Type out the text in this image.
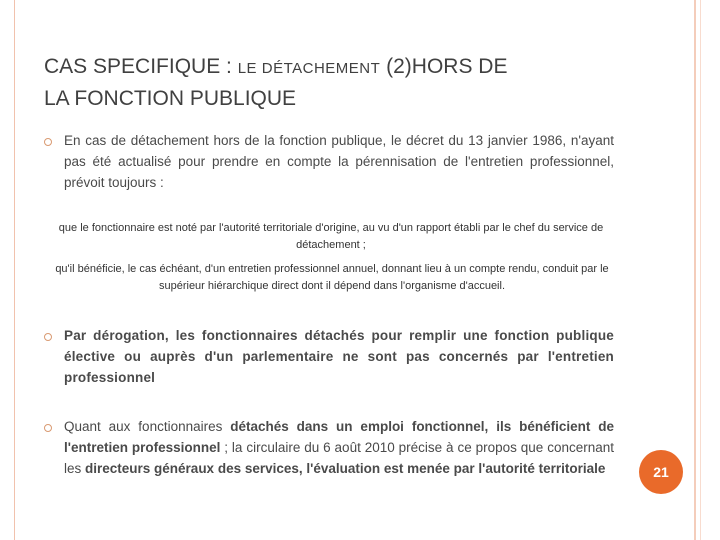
CAS SPECIFIQUE : LE DÉTACHEMENT (2)HORS DE
LA FONCTION PUBLIQUE

En cas de détachement hors de la fonction publique, le décret du 13 janvier 1986, n'ayant pas été actualisé pour prendre en compte la pérennisation de l'entretien professionnel, prévoit toujours :

que le fonctionnaire est noté par l'autorité territoriale d'origine, au vu d'un rapport établi par le chef du service de détachement ;

qu'il bénéficie, le cas échéant, d'un entretien professionnel annuel, donnant lieu à un compte rendu, conduit par le supérieur hiérarchique direct dont il dépend dans l'organisme d'accueil.

Par dérogation, les fonctionnaires détachés pour remplir une fonction publique élective ou auprès d'un parlementaire ne sont pas concernés par l'entretien professionnel

Quant aux fonctionnaires détachés dans un emploi fonctionnel, ils bénéficient de l'entretien professionnel ; la circulaire du 6 août 2010 précise à ce propos que concernant les directeurs généraux des services, l'évaluation est menée par l'autorité territoriale	21
